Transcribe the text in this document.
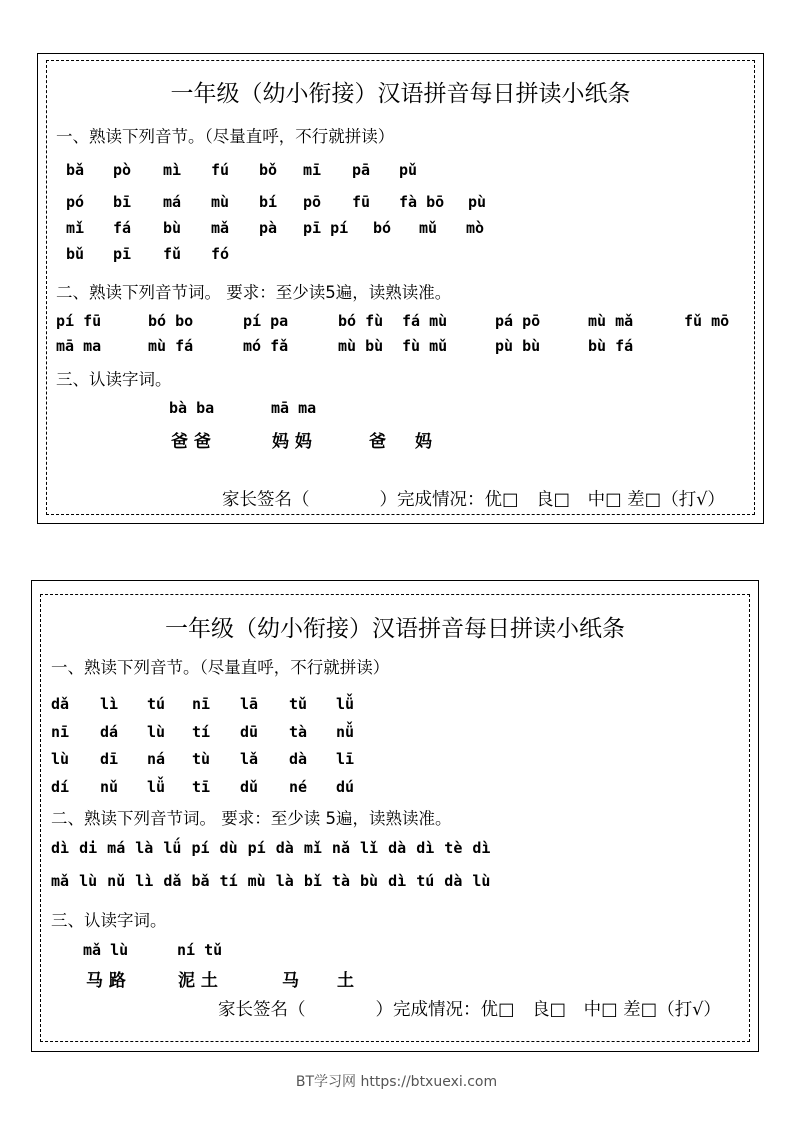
一年级（幼小衔接）汉语拼音每日拼读小纸条
一、熟读下列音节。（尽量直呼，不行就拼读）
bǎ pò mì fú bǒ mī pā pǔ
pó bī má mù bí pō fū fà bō pù
mǐ fá bù mǎ pà pī pí bó mǔ mò
bǔ pī fǔ fó
二、熟读下列音节词。 要求：至少读5遍，读熟读准。
pí fū	bó bo	pí pa	bó fù fá mù	pá pō	mù mǎ	fǔ mō
mā ma	mù fá	mó fǎ	mù bù fù mǔ	pù bù	bù fá
三、认读字词。
bà ba	mā ma
爸 爸	妈 妈	爸 妈
家长签名（　　　　）完成情况：优□　良□　中□ 差□（打√）
一年级（幼小衔接）汉语拼音每日拼读小纸条
一、熟读下列音节。（尽量直呼，不行就拼读）
dǎ lì tú nī lā tǔ lǚ
nī dá lù tí dū tà nǚ
lù dī ná tù lǎ dà lī
dí nǔ lǚ tī dǔ né dú
二、熟读下列音节词。 要求：至少读 5遍，读熟读准。
dì di má là lǘ pí dù pí dà mǐ nǎ lǐ dà dì tè dì
mǎ lù nǔ lì dǎ bǎ tí mù là bǐ tà bù dì tú dà lù
三、认读字词。
mǎ lù	ní tǔ
马 路	泥 土	马 土
家长签名（　　　　）完成情况：优□　良□　中□ 差□（打√）
BT学习网 https://btxuexi.com
